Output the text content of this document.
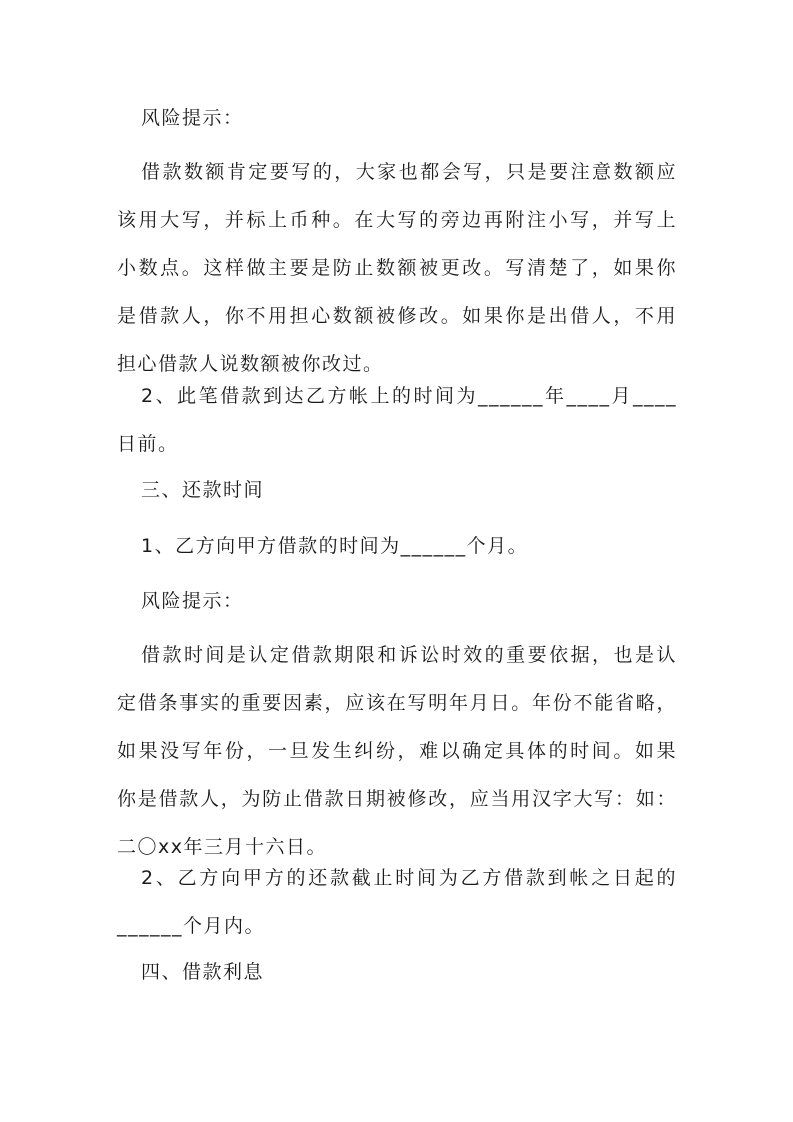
风险提示：

借款数额肯定要写的，大家也都会写，只是要注意数额应
该用大写，并标上币种。在大写的旁边再附注小写，并写上
小数点。这样做主要是防止数额被更改。写清楚了，如果你
是借款人，你不用担心数额被修改。如果你是出借人，不用
担心借款人说数额被你改过。

2、此笔借款到达乙方帐上的时间为______年____月____
日前。

三、还款时间

1、乙方向甲方借款的时间为______个月。

风险提示：

借款时间是认定借款期限和诉讼时效的重要依据，也是认
定借条事实的重要因素，应该在写明年月日。年份不能省略，
如果没写年份，一旦发生纠纷，难以确定具体的时间。如果
你是借款人，为防止借款日期被修改，应当用汉字大写：如：
二〇xx年三月十六日。

2、乙方向甲方的还款截止时间为乙方借款到帐之日起的
______个月内。

四、借款利息
